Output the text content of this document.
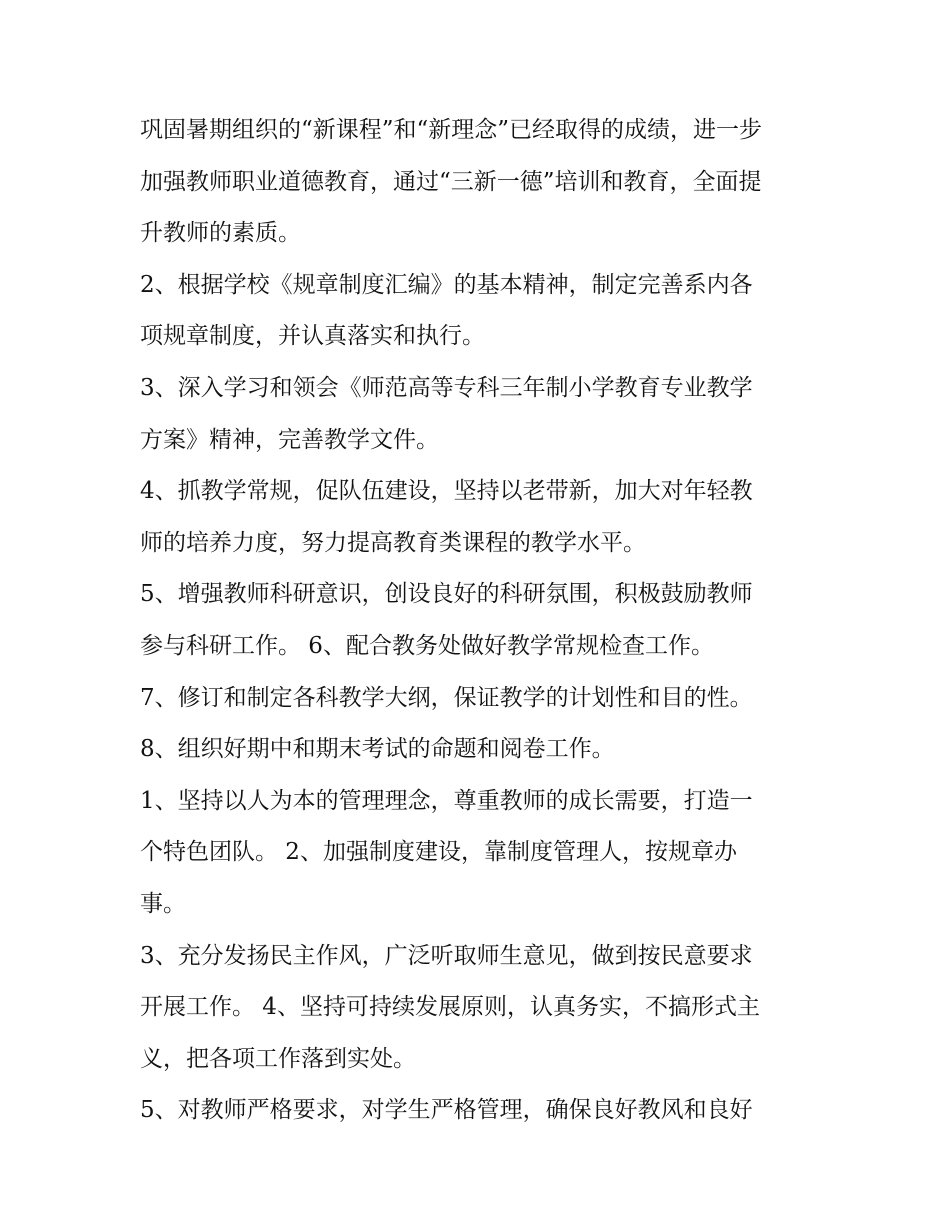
巩固暑期组织的“新课程”和“新理念”已经取得的成绩，进一步
加强教师职业道德教育，通过“三新一德”培训和教育，全面提
升教师的素质。
2、根据学校《规章制度汇编》的基本精神，制定完善系内各
项规章制度，并认真落实和执行。
3、深入学习和领会《师范高等专科三年制小学教育专业教学
方案》精神，完善教学文件。
4、抓教学常规，促队伍建设，坚持以老带新，加大对年轻教
师的培养力度，努力提高教育类课程的教学水平。
5、增强教师科研意识，创设良好的科研氛围，积极鼓励教师
参与科研工作。 6、配合教务处做好教学常规检查工作。
7、修订和制定各科教学大纲，保证教学的计划性和目的性。
8、组织好期中和期末考试的命题和阅卷工作。
1、坚持以人为本的管理理念，尊重教师的成长需要，打造一
个特色团队。 2、加强制度建设，靠制度管理人，按规章办
事。
3、充分发扬民主作风，广泛听取师生意见，做到按民意要求
开展工作。 4、坚持可持续发展原则，认真务实，不搞形式主
义，把各项工作落到实处。
5、对教师严格要求，对学生严格管理，确保良好教风和良好
